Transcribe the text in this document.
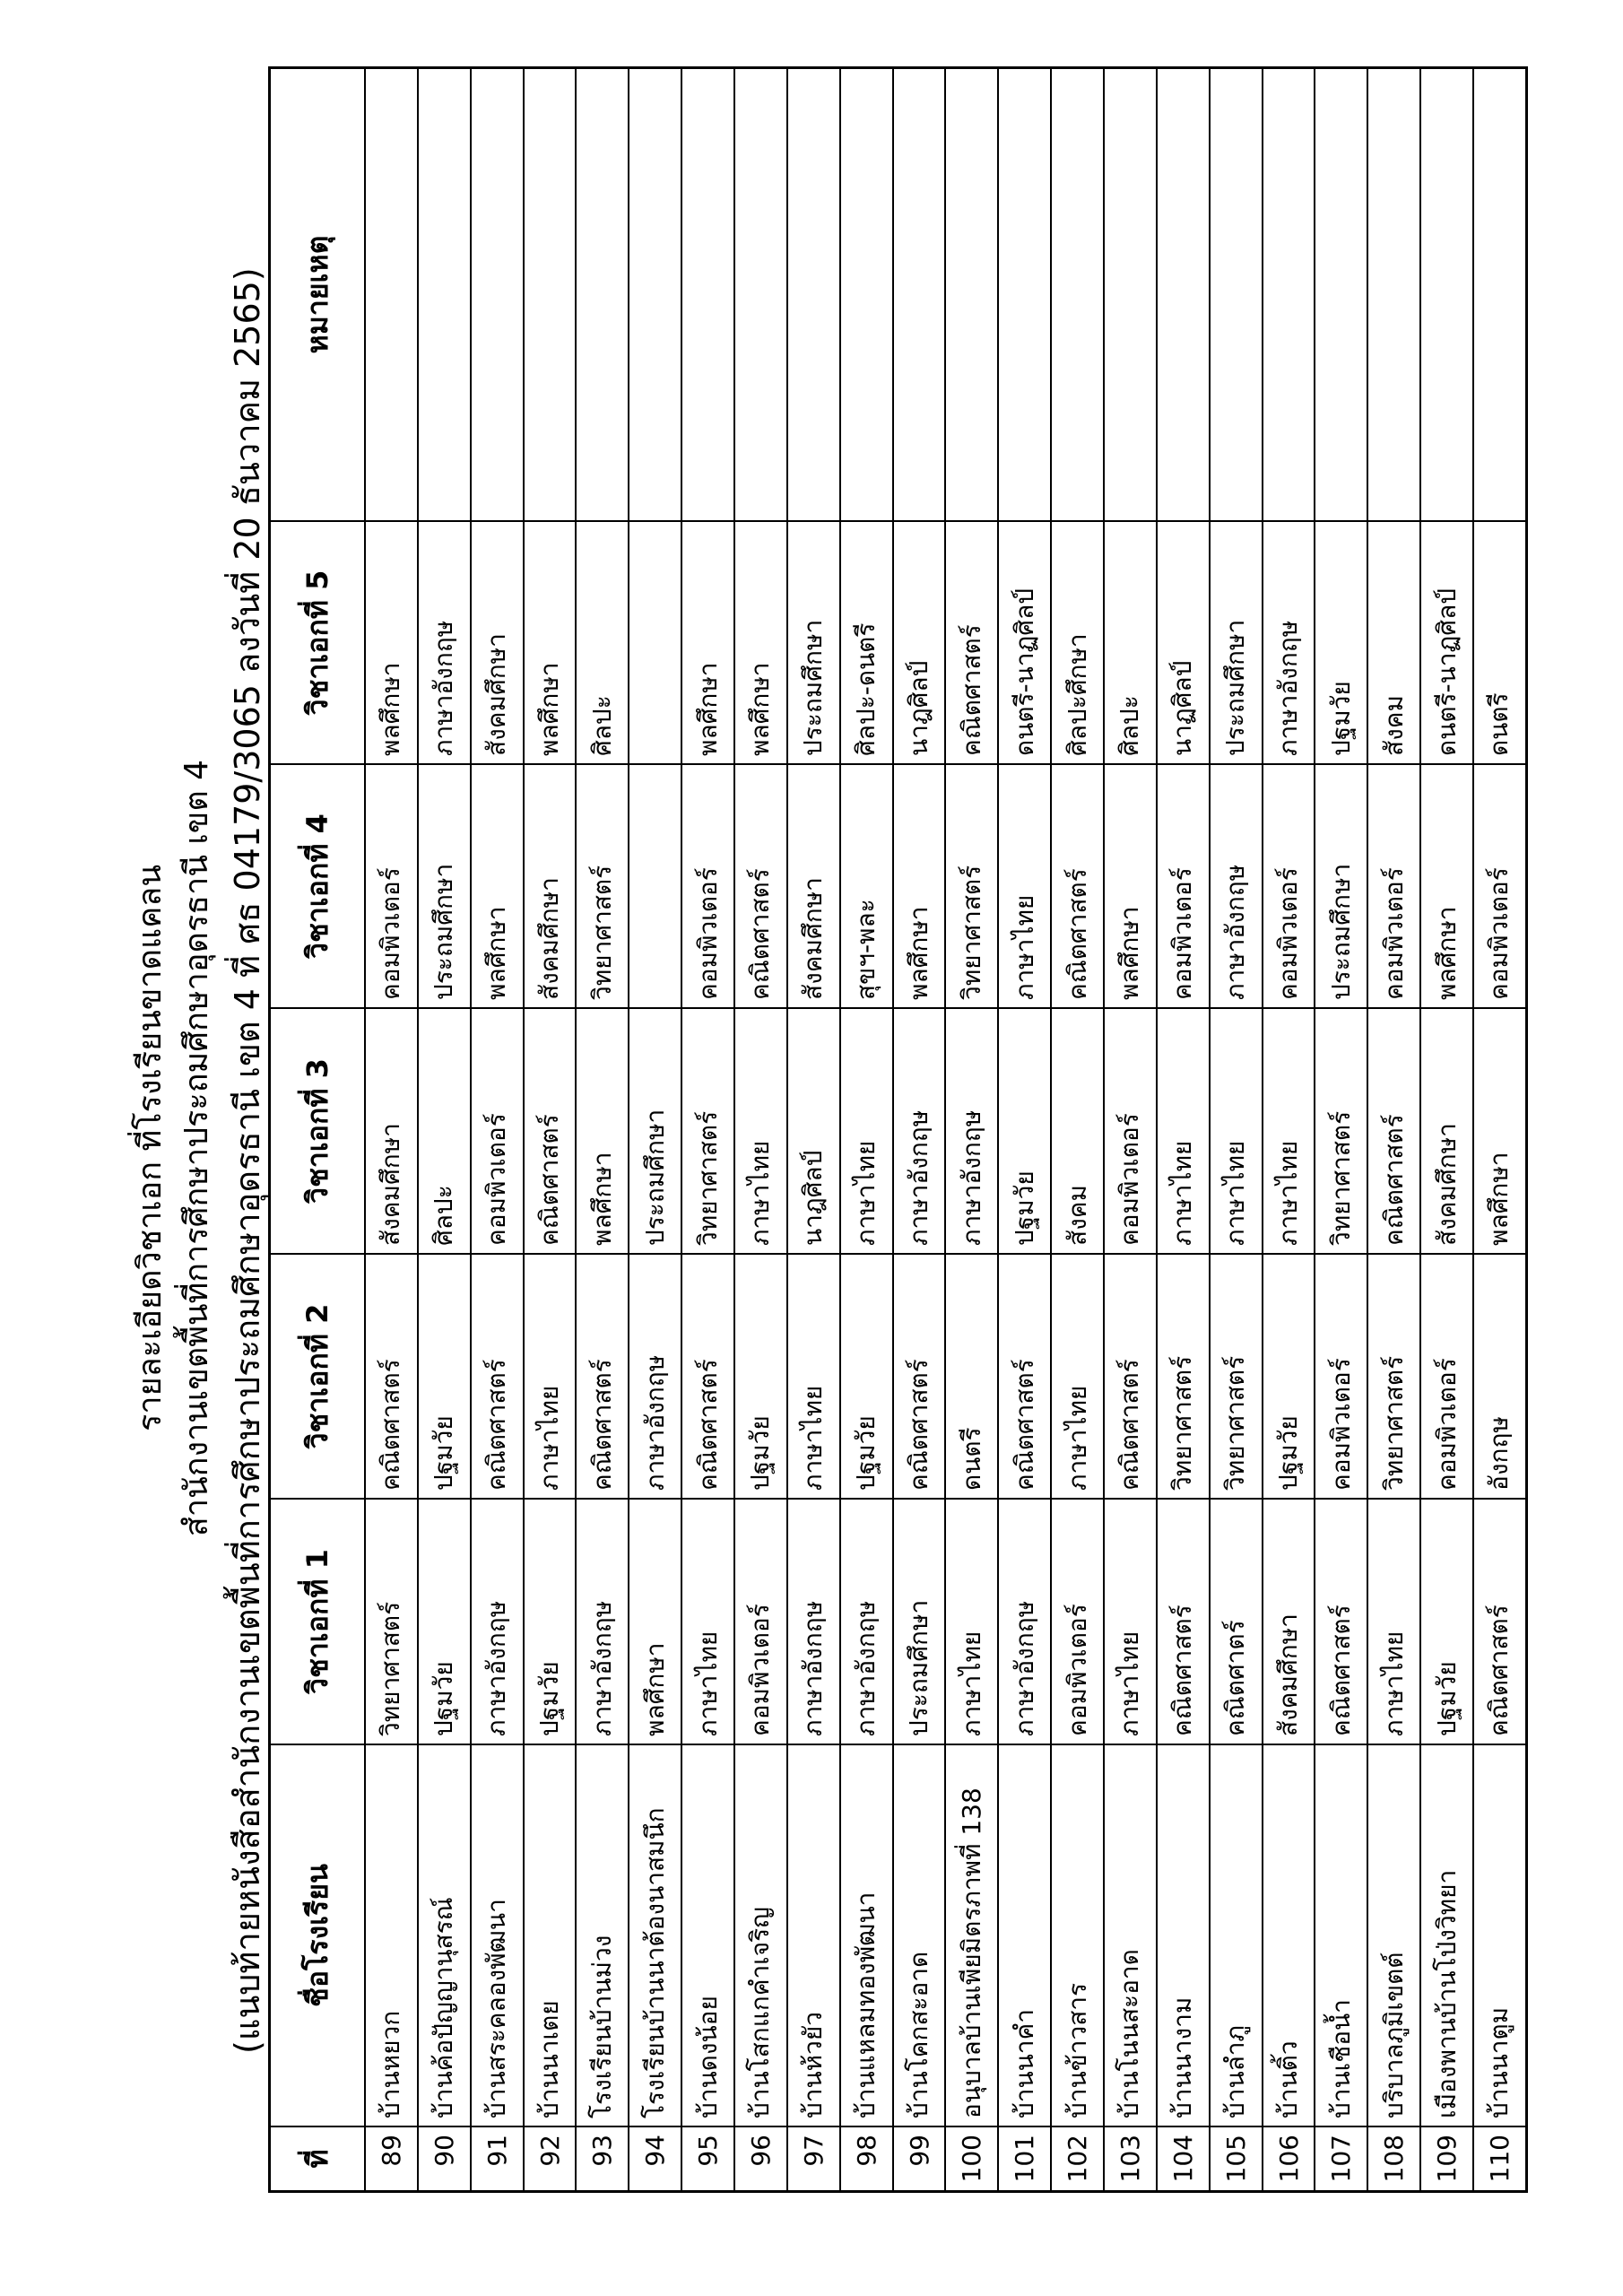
รายละเอียดวิชาเอก ที่โรงเรียนขาดแคลน สำนักงานเขตพื้นที่การศึกษาประถมศึกษาอุดรธานี เขต 4 (แนบท้ายหนังสือสำนักงานเขตพื้นที่การศึกษาประถมศึกษาอุดรธานี เขต 4 ที่ ศธ 04179/3065 ลงวันที่ 20 ธันวาคม 2565)
ที่
ชื่อโรงเรียน
วิชาเอกที่ 1
วิชาเอกที่ 2
วิชาเอกที่ 3
วิชาเอกที่ 4
วิชาเอกที่ 5
หมายเหตุ
89
บ้านหยวก
วิทยาศาสตร์
คณิตศาสตร์
สังคมศึกษา
คอมพิวเตอร์
พลศึกษา
90
บ้านค้อปัญญานุสรณ์
ปฐมวัย
ปฐมวัย
ศิลปะ
ประถมศึกษา
ภาษาอังกฤษ
91
บ้านสระคลองพัฒนา
ภาษาอังกฤษ
คณิตศาสตร์
คอมพิวเตอร์
พลศึกษา
สังคมศึกษา
92
บ้านนาเตย
ปฐมวัย
ภาษาไทย
คณิตศาสตร์
สังคมศึกษา
พลศึกษา
93
โรงเรียนบ้านม่วง
ภาษาอังกฤษ
คณิตศาสตร์
พลศึกษา
วิทยาศาสตร์
ศิลปะ
94
โรงเรียนบ้านนาต้องนาสมนึก
พลศึกษา
ภาษาอังกฤษ
ประถมศึกษา
95
บ้านดงน้อย
ภาษาไทย
คณิตศาสตร์
วิทยาศาสตร์
คอมพิวเตอร์
พลศึกษา
96
บ้านโสกแกคำเจริญ
คอมพิวเตอร์
ปฐมวัย
ภาษาไทย
คณิตศาสตร์
พลศึกษา
97
บ้านห้วยัว
ภาษาอังกฤษ
ภาษาไทย
นาฎศิลป์
สังคมศึกษา
ประถมศึกษา
98
บ้านแหลมทองพัฒนา
ภาษาอังกฤษ
ปฐมวัย
ภาษาไทย
สุขฯ-พละ
ศิลปะ-ดนตรี
99
บ้านโคกสะอาด
ประถมศึกษา
คณิตศาสตร์
ภาษาอังกฤษ
พลศึกษา
นาฎศิลป์
100
อนุบาลบ้านเพียมิตรภาพที่ 138
ภาษาไทย
ดนตรี
ภาษาอังกฤษ
วิทยาศาสตร์
คณิตศาสตร์
101
บ้านนาคำ
ภาษาอังกฤษ
คณิตศาสตร์
ปฐมวัย
ภาษาไทย
ดนตรี-นาฏศิลป์
102
บ้านข้าวสาร
คอมพิวเตอร์
ภาษาไทย
สังคม
คณิตศาสตร์
ศิลปะศึกษา
103
บ้านโนนสะอาด
ภาษาไทย
คณิตศาสตร์
คอมพิวเตอร์
พลศึกษา
ศิลปะ
104
บ้านนางาม
คณิตศาสตร์
วิทยาศาสตร์
ภาษาไทย
คอมพิวเตอร์
นาฏศิลป์
105
บ้านลำภู
คณิตศาตร์
วิทยาศาสตร์
ภาษาไทย
ภาษาอังกฤษ
ประถมศึกษา
106
บ้านติ้ว
สังคมศึกษา
ปฐมวัย
ภาษาไทย
คอมพิวเตอร์
ภาษาอังกฤษ
107
บ้านเชือน้ำ
คณิตศาสตร์
คอมพิวเตอร์
วิทยาศาสตร์
ประถมศึกษา
ปฐมวัย
108
บริบาลภูมิเขตต์
ภาษาไทย
วิทยาศาสตร์
คณิตศาสตร์
คอมพิวเตอร์
สังคม
109
เมืองพานบ้านโป่งวิทยา
ปฐมวัย
คอมพิวเตอร์
สังคมศึกษา
พลศึกษา
ดนตรี-นาฏศิลป์
110
บ้านนาตูม
คณิตศาสตร์
อังกฤษ
พลศึกษา
คอมพิวเตอร์
ดนตรี
